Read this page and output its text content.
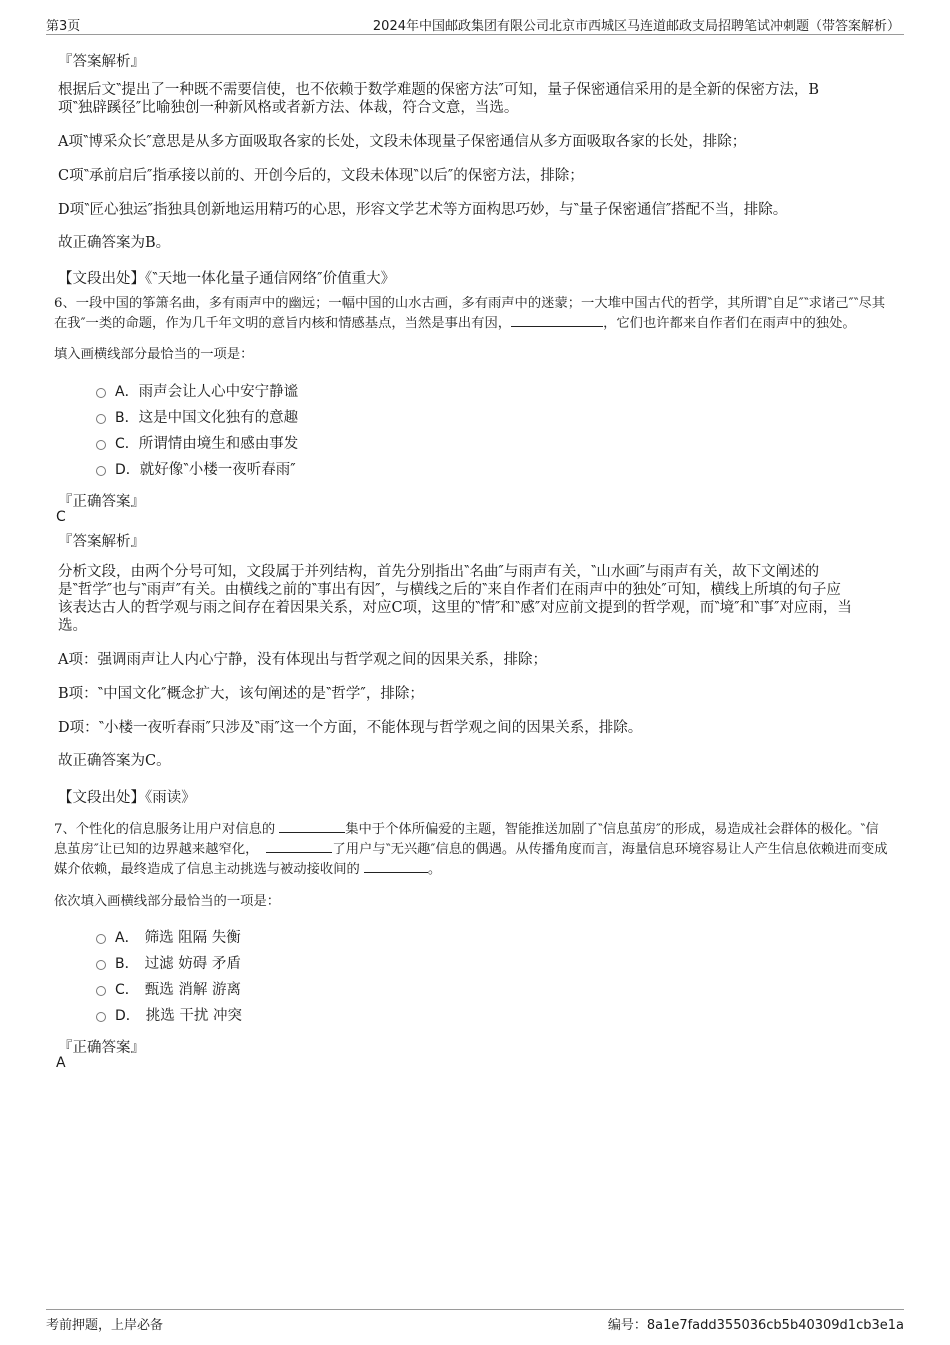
第3页	2024年中国邮政集团有限公司北京市西城区马连道邮政支局招聘笔试冲刺题（带答案解析）
『答案解析』
根据后文‶提出了一种既不需要信使，也不依赖于数学难题的保密方法″可知，量子保密通信采用的是全新的保密方法，B
项‶独辟蹊径″比喻独创一种新风格或者新方法、体裁，符合文意，当选。
A项‶博采众长″意思是从多方面吸取各家的长处，文段未体现量子保密通信从多方面吸取各家的长处，排除；
C项‶承前启后″指承接以前的、开创今后的，文段未体现‶以后″的保密方法，排除；
D项‶匠心独运″指独具创新地运用精巧的心思，形容文学艺术等方面构思巧妙，与‶量子保密通信″搭配不当，排除。
故正确答案为B。
【文段出处】《‶天地一体化量子通信网络″价值重大》
6、一段中国的筝箫名曲，多有雨声中的幽远；一幅中国的山水古画，多有雨声中的迷蒙；一大堆中国古代的哲学，其所谓‶自足″‶求诸己″‶尽其
在我″一类的命题，作为几千年文明的意旨内核和情感基点，当然是事出有因，	，它们也许都来自作者们在雨声中的独处。
填入画横线部分最恰当的一项是：
A．雨声会让人心中安宁静谧
B．这是中国文化独有的意趣
C．所谓情由境生和感由事发
D．就好像‶小楼一夜听春雨″
『正确答案』
C
『答案解析』
分析文段，由两个分号可知，文段属于并列结构，首先分别指出‶名曲″与雨声有关，‶山水画″与雨声有关，故下文阐述的
是‶哲学″也与‶雨声″有关。由横线之前的‶事出有因″，与横线之后的‶来自作者们在雨声中的独处″可知，横线上所填的句子应
该表达古人的哲学观与雨之间存在着因果关系，对应C项，这里的‶情″和‶感″对应前文提到的哲学观，而‶境″和‶事″对应雨，当
选。
A项：强调雨声让人内心宁静，没有体现出与哲学观之间的因果关系，排除；
B项：‶中国文化″概念扩大，该句阐述的是‶哲学″，排除；
D项：‶小楼一夜听春雨″只涉及‶雨″这一个方面，不能体现与哲学观之间的因果关系，排除。
故正确答案为C。
【文段出处】《雨读》
7、个性化的信息服务让用户对信息的	集中于个体所偏爱的主题，智能推送加剧了‶信息茧房″的形成，易造成社会群体的极化。‶信
息茧房″让已知的边界越来越窄化，	了用户与‶无兴趣″信息的偶遇。从传播角度而言，海量信息环境容易让人产生信息依赖进而变成
媒介依赖，最终造成了信息主动挑选与被动接收间的	。
依次填入画横线部分最恰当的一项是：
A． 筛选 阻隔 失衡
B． 过滤 妨碍 矛盾
C． 甄选 消解 游离
D． 挑选 干扰 冲突
『正确答案』
A
考前押题，上岸必备	编号：8a1e7fadd355036cb5b40309d1cb3e1a
